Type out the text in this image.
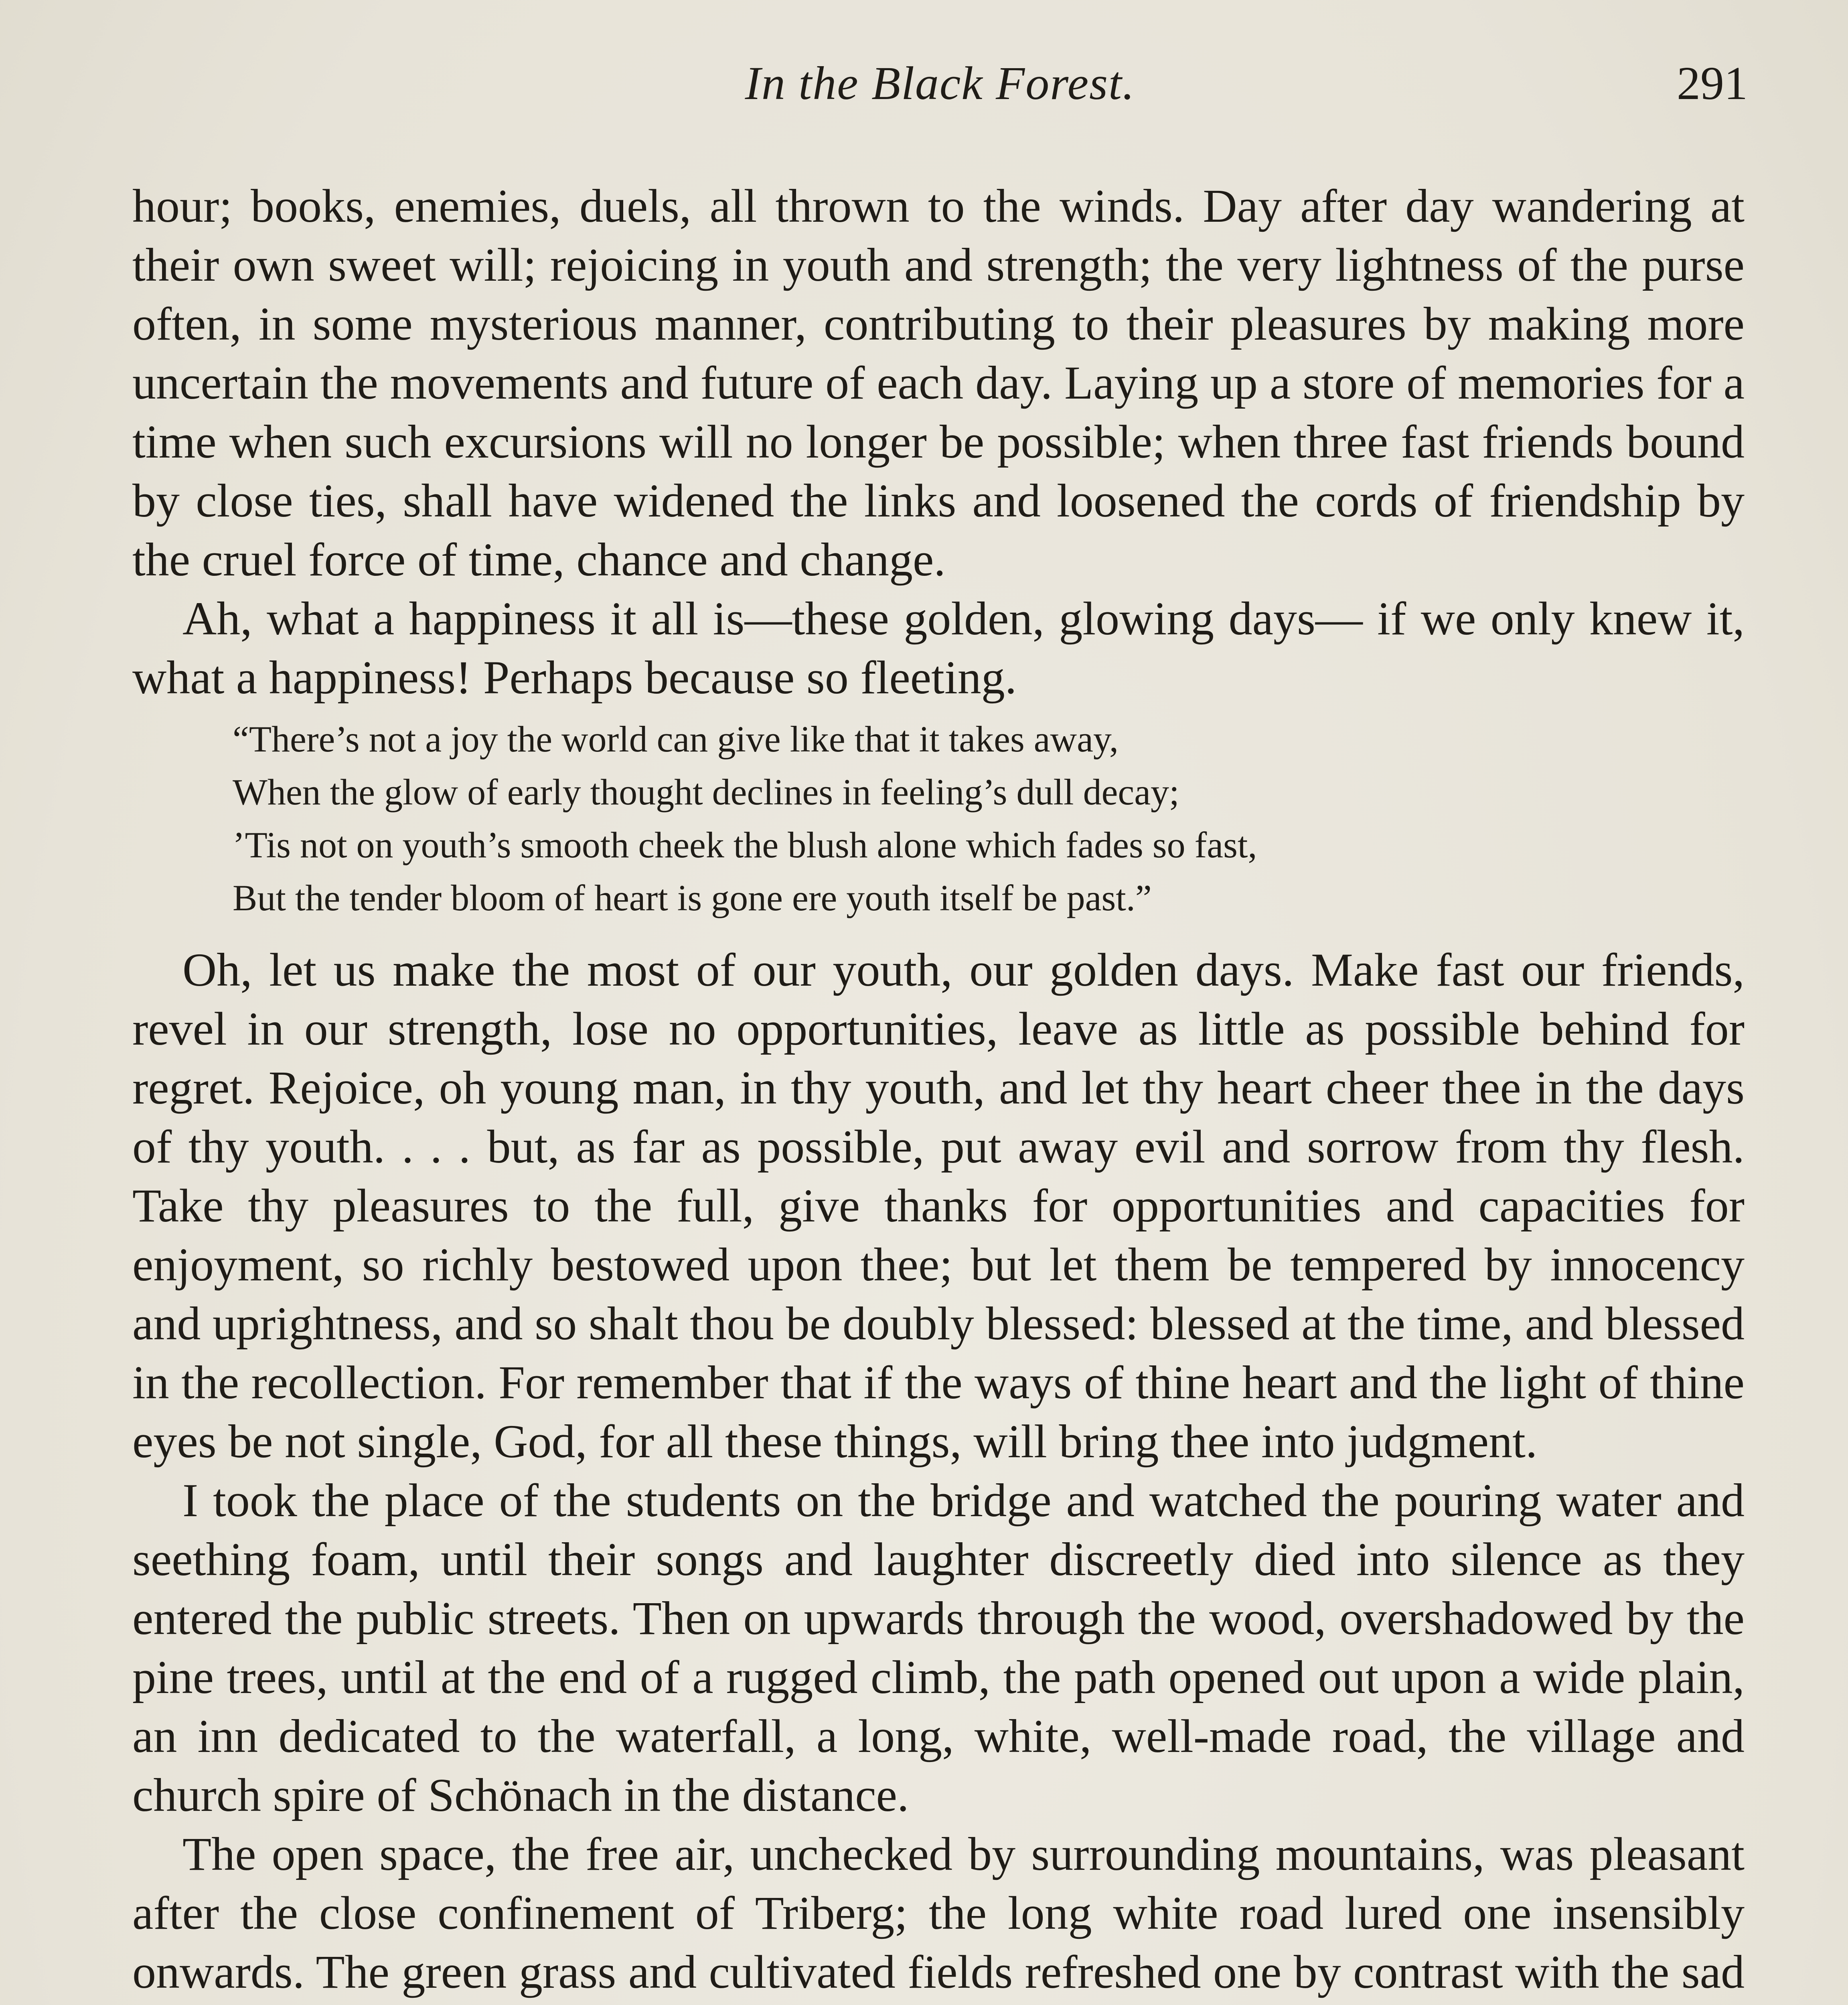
In the Black Forest.	291

hour; books, enemies, duels, all thrown to the winds. Day after day wandering at their own sweet will; rejoicing in youth and strength; the very lightness of the purse often, in some mysterious manner, contributing to their pleasures by making more uncertain the movements and future of each day. Laying up a store of memories for a time when such excursions will no longer be possible; when three fast friends bound by close ties, shall have widened the links and loosened the cords of friendship by the cruel force of time, chance and change.

Ah, what a happiness it all is—these golden, glowing days— if we only knew it, what a happiness! Perhaps because so fleeting.

“There’s not a joy the world can give like that it takes away,
When the glow of early thought declines in feeling’s dull decay;
’Tis not on youth’s smooth cheek the blush alone which fades so fast,
But the tender bloom of heart is gone ere youth itself be past.”

Oh, let us make the most of our youth, our golden days. Make fast our friends, revel in our strength, lose no opportunities, leave as little as possible behind for regret. Rejoice, oh young man, in thy youth, and let thy heart cheer thee in the days of thy youth. . . . but, as far as possible, put away evil and sorrow from thy flesh. Take thy pleasures to the full, give thanks for opportunities and capacities for enjoyment, so richly bestowed upon thee; but let them be tempered by innocency and uprightness, and so shalt thou be doubly blessed: blessed at the time, and blessed in the recollection. For remember that if the ways of thine heart and the light of thine eyes be not single, God, for all these things, will bring thee into judgment.

I took the place of the students on the bridge and watched the pouring water and seething foam, until their songs and laughter discreetly died into silence as they entered the public streets. Then on upwards through the wood, overshadowed by the pine trees, until at the end of a rugged climb, the path opened out upon a wide plain, an inn dedicated to the waterfall, a long, white, well-made road, the village and church spire of Schönach in the distance.

The open space, the free air, unchecked by surrounding mountains, was pleasant after the close confinement of Triberg; the long white road lured one insensibly onwards. The green grass and cultivated fields refreshed one by contrast with the sad
